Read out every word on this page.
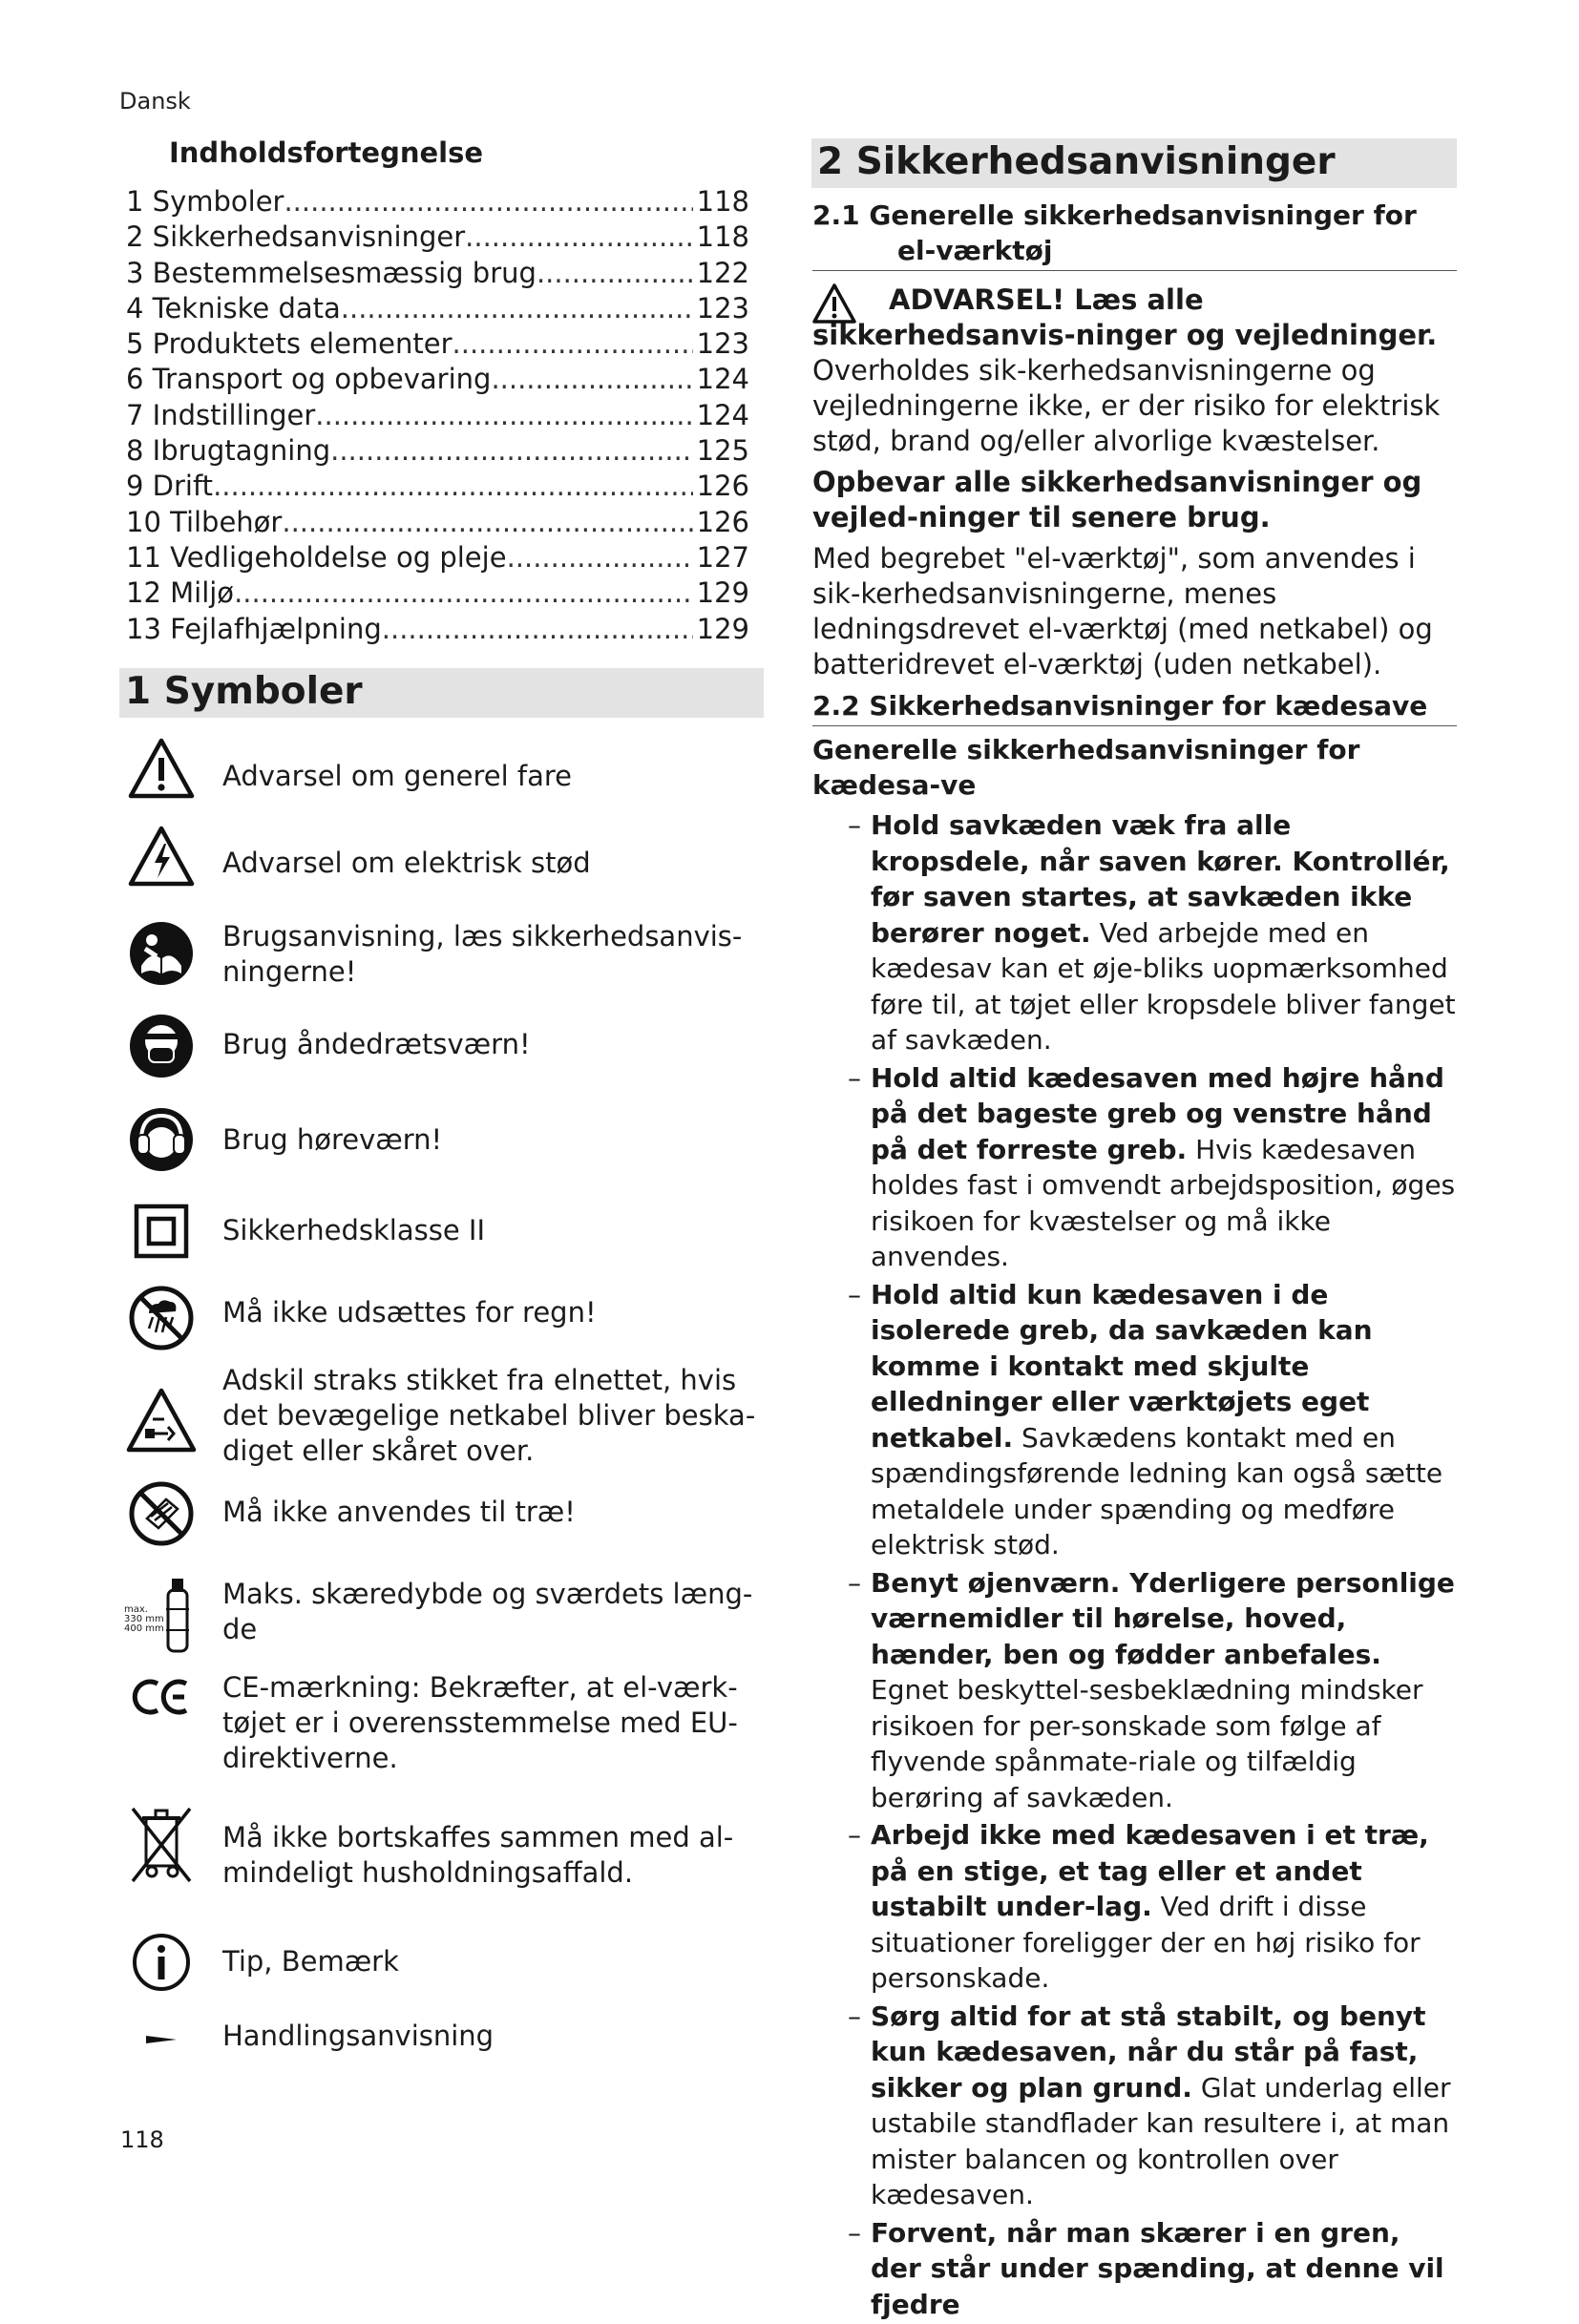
Dansk
Indholdsfortegnelse
1 Symboler .....	118
2 Sikkerhedsanvisninger .....	118
3 Bestemmelsesmæssig brug .....	122
4 Tekniske data .....	123
5 Produktets elementer .....	123
6 Transport og opbevaring .....	124
7 Indstillinger .....	124
8 Ibrugtagning .....	125
9 Drift .....	126
10 Tilbehør .....	126
11 Vedligeholdelse og pleje .....	127
12 Miljø .....	129
13 Fejlafhjælpning .....	129
1 Symboler
Advarsel om generel fare
Advarsel om elektrisk stød
Brugsanvisning, læs sikkerhedsanvis-ningerne!
Brug åndedrætsværn!
Brug høreværn!
Sikkerhedsklasse II
Må ikke udsættes for regn!
Adskil straks stikket fra elnettet, hvis det bevægelige netkabel bliver beska-diget eller skåret over.
Må ikke anvendes til træ!
max.
330 mm
400 mm
Maks. skæredybde og sværdets læng-de
CE-mærkning: Bekræfter, at el-værk-tøjet er i overensstemmelse med EU-direktiverne.
Må ikke bortskaffes sammen med al-mindeligt husholdningsaffald.
Tip, Bemærk
Handlingsanvisning
2 Sikkerhedsanvisninger
2.1 Generelle sikkerhedsanvisninger for
el-værktøj
ADVARSEL! Læs alle sikkerhedsanvis-ninger og vejledninger. Overholdes sik-kerhedsanvisningerne og vejledningerne ikke, er der risiko for elektrisk stød, brand og/eller alvorlige kvæstelser.
Opbevar alle sikkerhedsanvisninger og vejled-ninger til senere brug.
Med begrebet "el-værktøj", som anvendes i sik-kerhedsanvisningerne, menes ledningsdrevet el-værktøj (med netkabel) og batteridrevet el-værktøj (uden netkabel).
2.2 Sikkerhedsanvisninger for kædesave
Generelle sikkerhedsanvisninger for kædesa-ve
– Hold savkæden væk fra alle kropsdele, når saven kører. Kontrollér, før saven startes, at savkæden ikke berører noget. Ved arbejde med en kædesav kan et øje-bliks uopmærksomhed føre til, at tøjet eller kropsdele bliver fanget af savkæden.
– Hold altid kædesaven med højre hånd på det bageste greb og venstre hånd på det forreste greb. Hvis kædesaven holdes fast i omvendt arbejdsposition, øges risikoen for kvæstelser og må ikke anvendes.
– Hold altid kun kædesaven i de isolerede greb, da savkæden kan komme i kontakt med skjulte elledninger eller værktøjets eget netkabel. Savkædens kontakt med en spændingsførende ledning kan også sætte metaldele under spænding og medføre elektrisk stød.
– Benyt øjenværn. Yderligere personlige værnemidler til hørelse, hoved, hænder, ben og fødder anbefales. Egnet beskyttel-sesbeklædning mindsker risikoen for per-sonskade som følge af flyvende spånmate-riale og tilfældig berøring af savkæden.
– Arbejd ikke med kædesaven i et træ, på en stige, et tag eller et andet ustabilt under-lag. Ved drift i disse situationer foreligger der en høj risiko for personskade.
– Sørg altid for at stå stabilt, og benyt kun kædesaven, når du står på fast, sikker og plan grund. Glat underlag eller ustabile standflader kan resultere i, at man mister balancen og kontrollen over kædesaven.
– Forvent, når man skærer i en gren, der står under spænding, at denne vil fjedre
118
